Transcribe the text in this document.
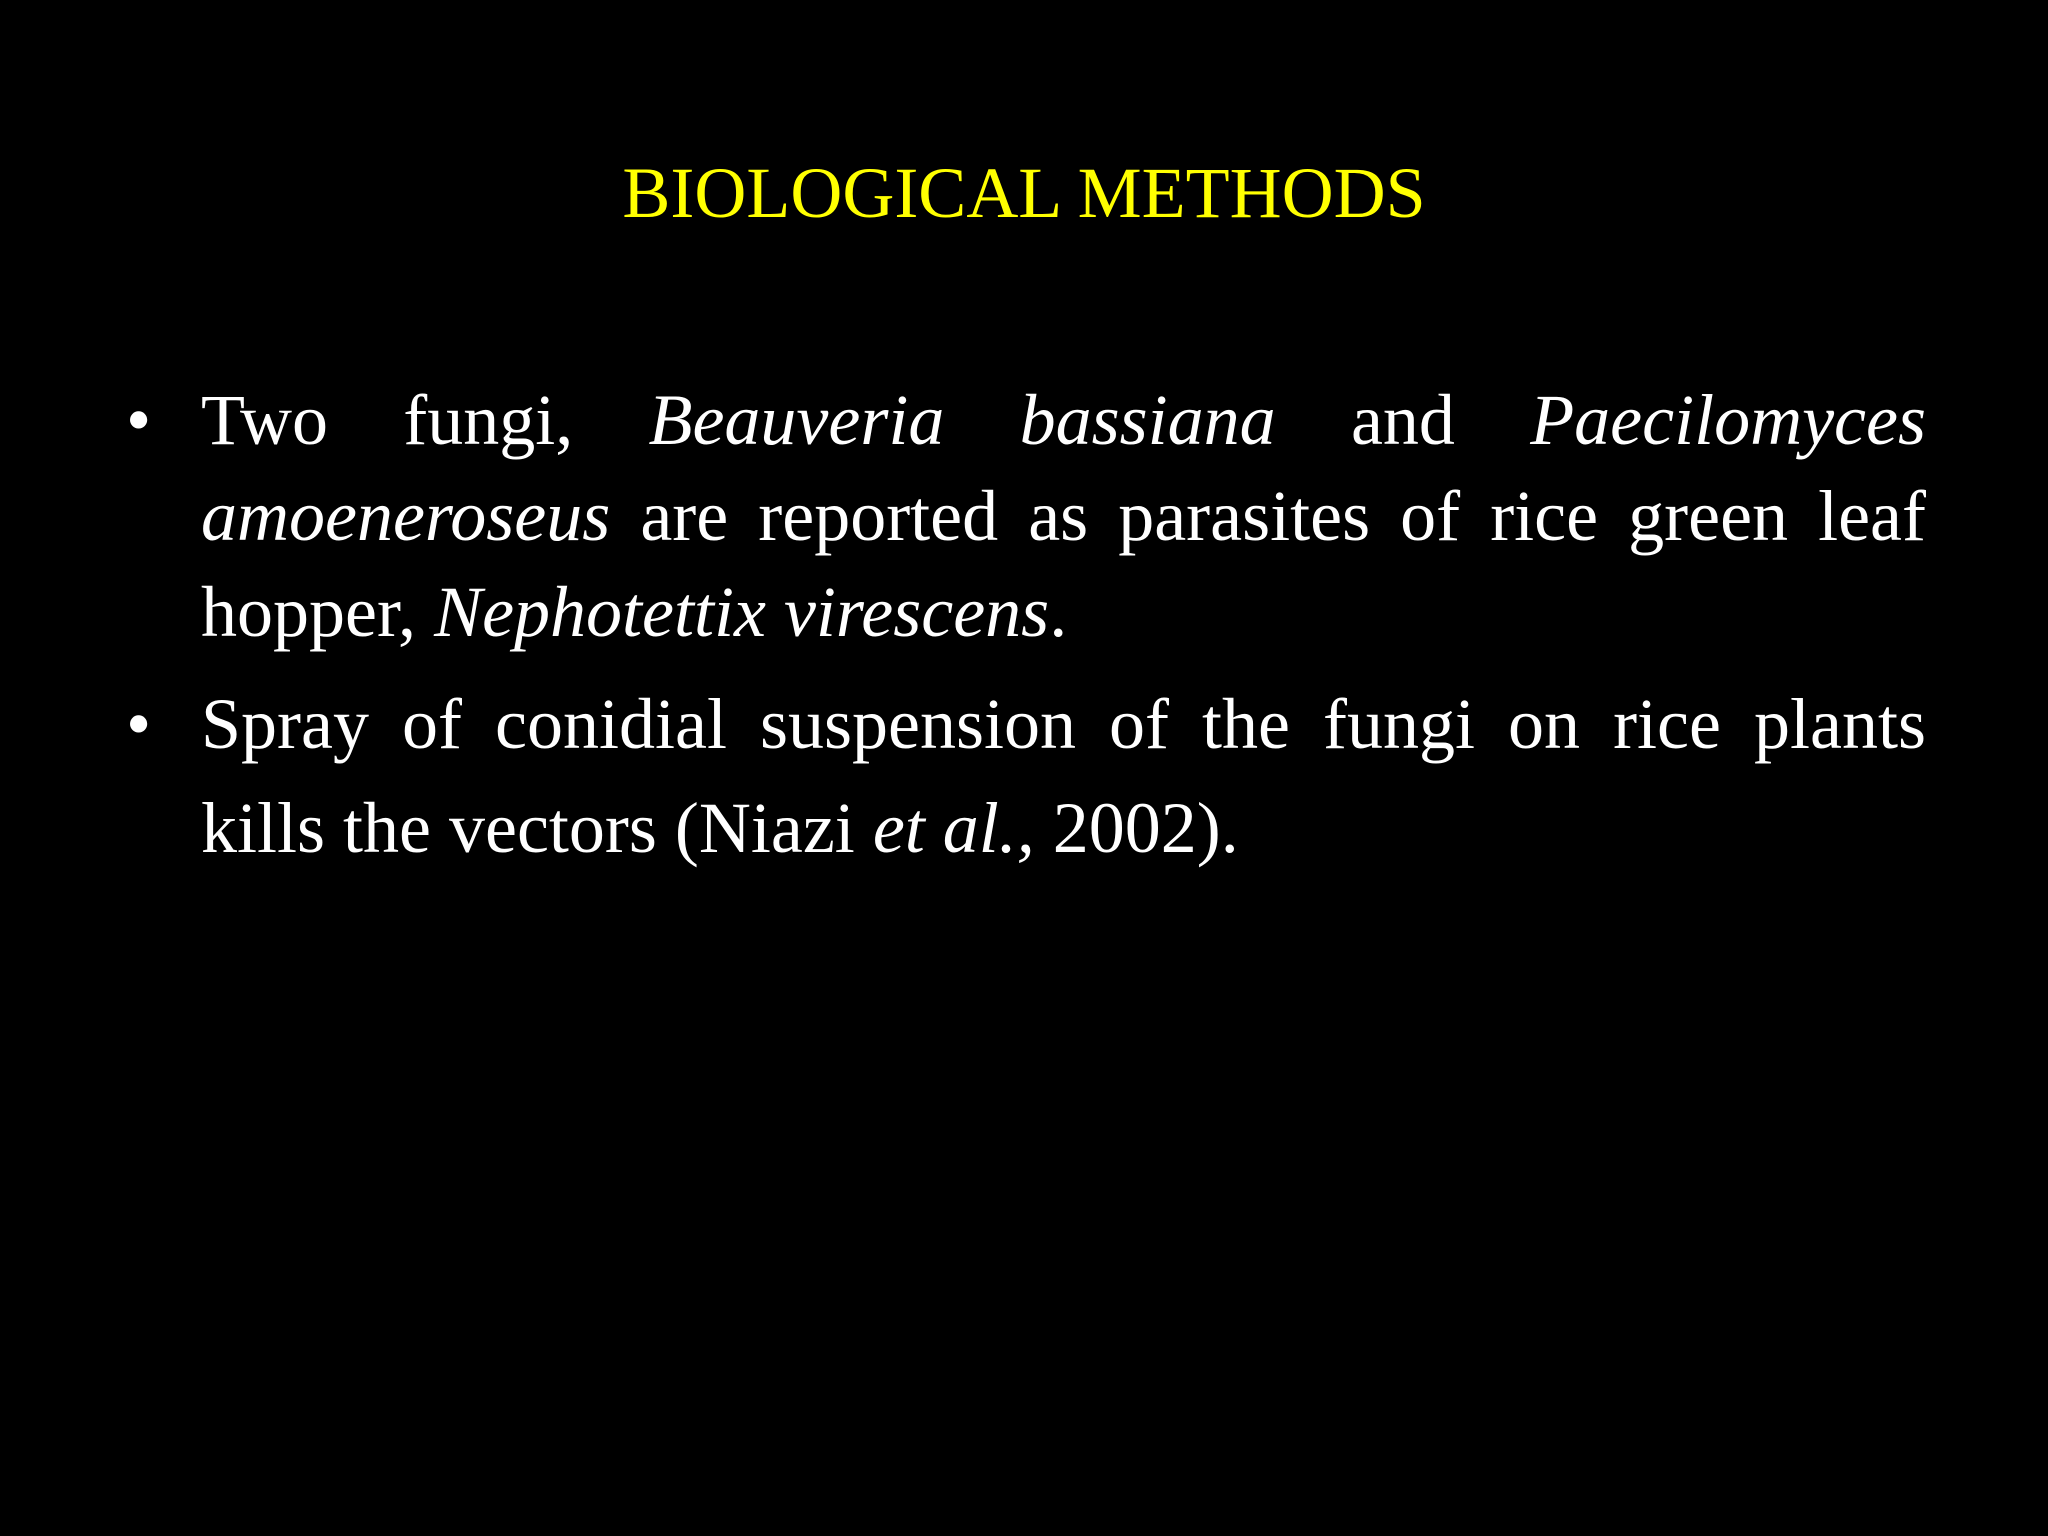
BIOLOGICAL METHODS
• Two fungi, Beauveria bassiana and Paecilomyces amoeneroseus are reported as parasites of rice green leaf hopper, Nephotettix virescens.
• Spray of conidial suspension of the fungi on rice plants kills the vectors (Niazi et al., 2002).
